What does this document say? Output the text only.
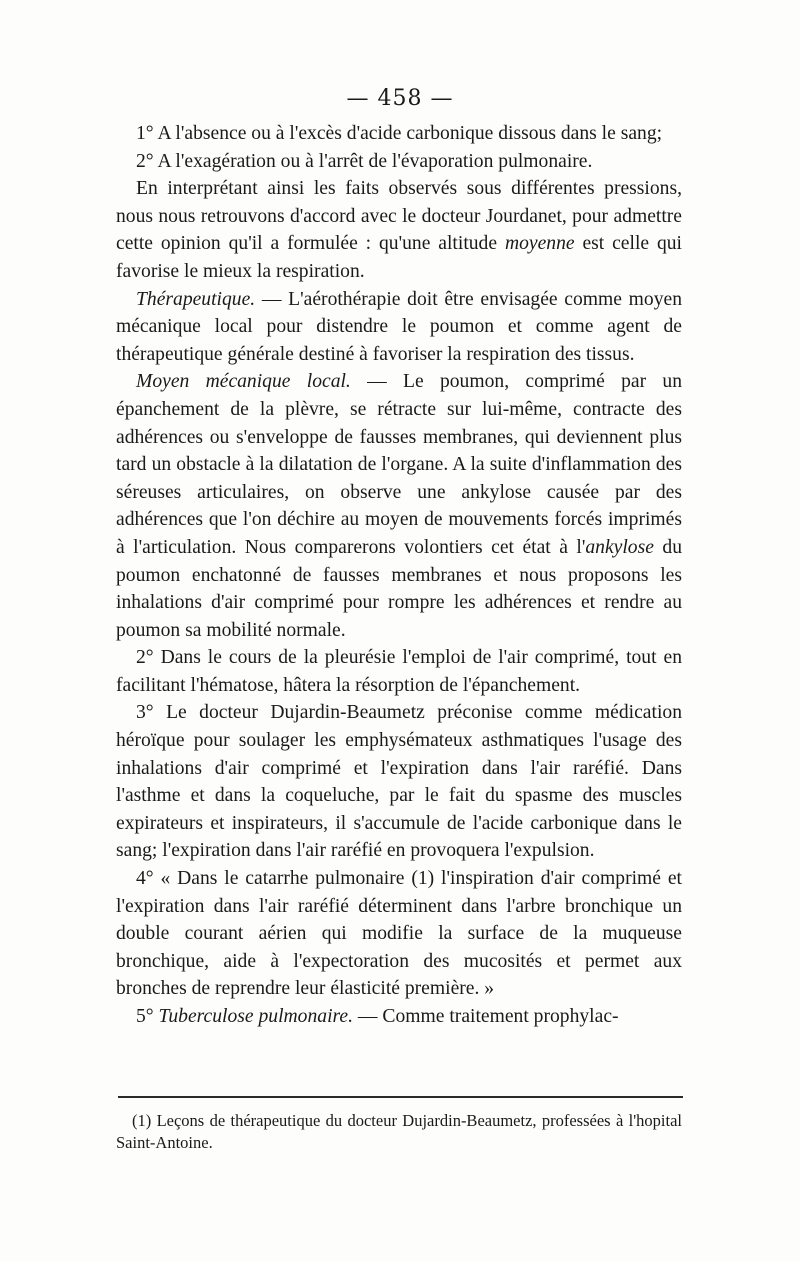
— 458 —

1° A l'absence ou à l'excès d'acide carbonique dissous dans le sang;

2° A l'exagération ou à l'arrêt de l'évaporation pulmonaire.

En interprétant ainsi les faits observés sous différentes pressions, nous nous retrouvons d'accord avec le docteur Jourdanet, pour admettre cette opinion qu'il a formulée : qu'une altitude moyenne est celle qui favorise le mieux la respiration.

Thérapeutique. — L'aérothérapie doit être envisagée comme moyen mécanique local pour distendre le poumon et comme agent de thérapeutique générale destiné à favoriser la respiration des tissus.

Moyen mécanique local. — Le poumon, comprimé par un épanchement de la plèvre, se rétracte sur lui-même, contracte des adhérences ou s'enveloppe de fausses membranes, qui deviennent plus tard un obstacle à la dilatation de l'organe. A la suite d'inflammation des séreuses articulaires, on observe une ankylose causée par des adhérences que l'on déchire au moyen de mouvements forcés imprimés à l'articulation. Nous comparerons volontiers cet état à l'ankylose du poumon enchatonné de fausses membranes et nous proposons les inhalations d'air comprimé pour rompre les adhérences et rendre au poumon sa mobilité normale.

2° Dans le cours de la pleurésie l'emploi de l'air comprimé, tout en facilitant l'hématose, hâtera la résorption de l'épanchement.

3° Le docteur Dujardin-Beaumetz préconise comme médication héroïque pour soulager les emphysémateux asthmatiques l'usage des inhalations d'air comprimé et l'expiration dans l'air raréfié. Dans l'asthme et dans la coqueluche, par le fait du spasme des muscles expirateurs et inspirateurs, il s'accumule de l'acide carbonique dans le sang; l'expiration dans l'air raréfié en provoquera l'expulsion.

4° « Dans le catarrhe pulmonaire (1) l'inspiration d'air comprimé et l'expiration dans l'air raréfié déterminent dans l'arbre bronchique un double courant aérien qui modifie la surface de la muqueuse bronchique, aide à l'expectoration des mucosités et permet aux bronches de reprendre leur élasticité première. »

5° Tuberculose pulmonaire. — Comme traitement prophylac-

(1) Leçons de thérapeutique du docteur Dujardin-Beaumetz, professées à l'hopital Saint-Antoine.
